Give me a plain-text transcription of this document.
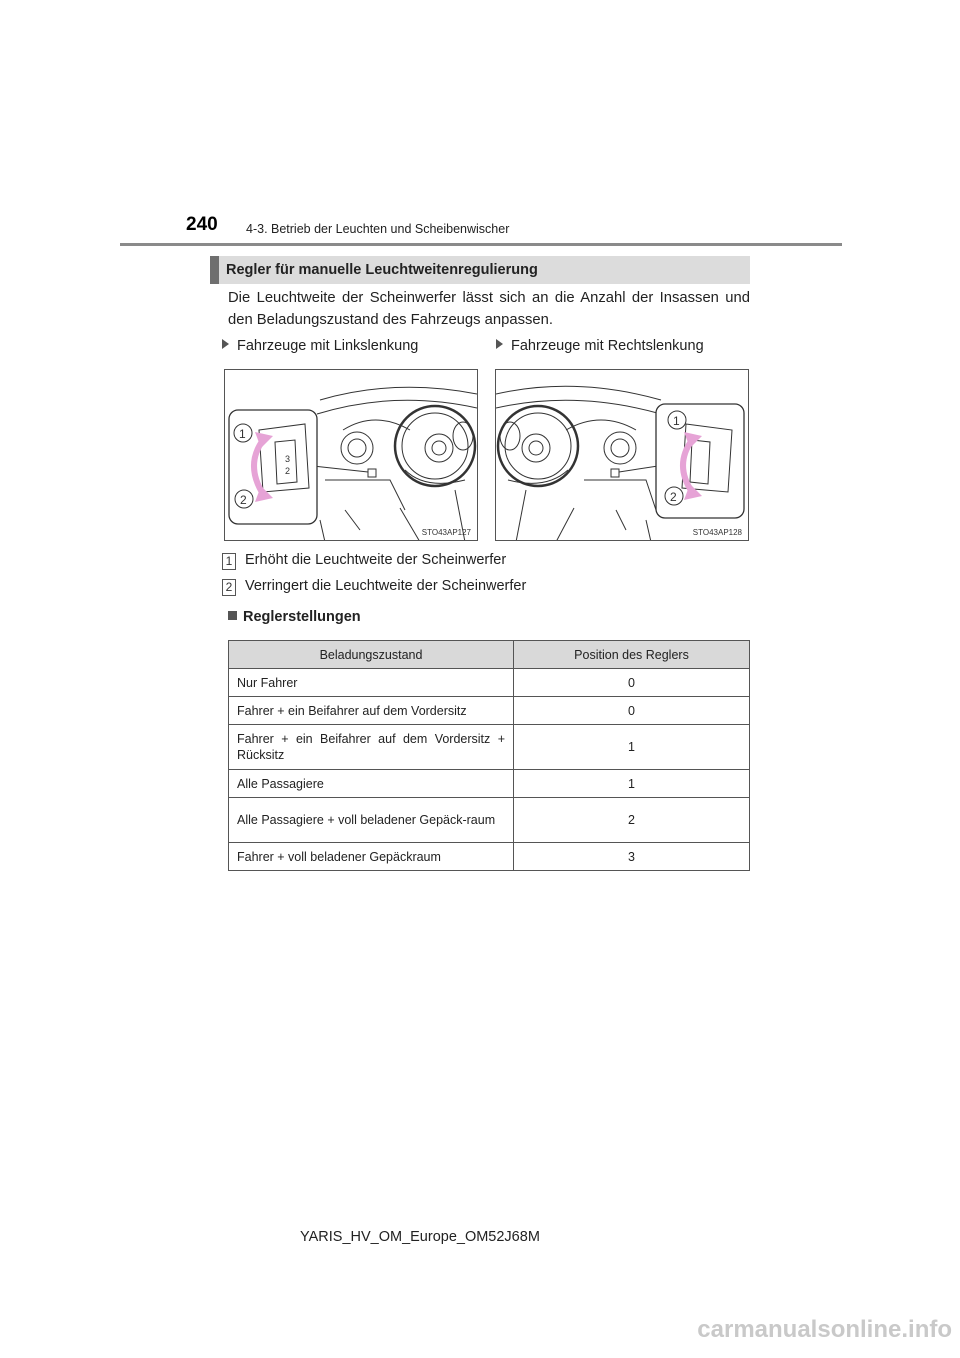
240 4-3. Betrieb der Leuchten und Scheibenwischer
Regler für manuelle Leuchtweitenregulierung
Die Leuchtweite der Scheinwerfer lässt sich an die Anzahl der Insassen und den Beladungszustand des Fahrzeugs anpassen.
Fahrzeuge mit Linkslenkung	Fahrzeuge mit Rechtslenkung
3
2
1
2
STO43AP127
1
2
STO43AP128
1 Erhöht die Leuchtweite der Scheinwerfer
2 Verringert die Leuchtweite der Scheinwerfer
Reglerstellungen
Beladungszustand	Position des Reglers
Nur Fahrer	0
Fahrer + ein Beifahrer auf dem Vordersitz	0
Fahrer + ein Beifahrer auf dem Vordersitz + Rücksitz	1
Alle Passagiere	1
Alle Passagiere + voll beladener Gepäck-raum	2
Fahrer + voll beladener Gepäckraum	3
YARIS_HV_OM_Europe_OM52J68M
carmanualsonline.info
